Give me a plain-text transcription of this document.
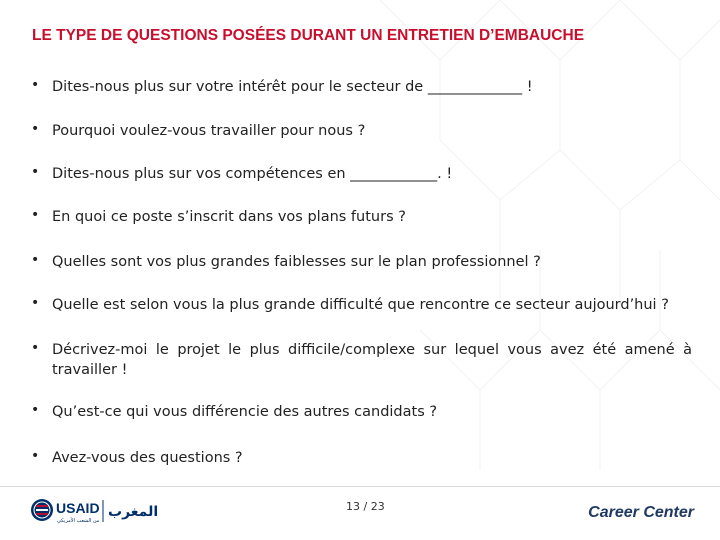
LE TYPE DE QUESTIONS POSÉES DURANT UN ENTRETIEN D’EMBAUCHE
• Dites-nous plus sur votre intérêt pour le secteur de _____________ !
• Pourquoi voulez-vous travailler pour nous ?
• Dites-nous plus sur vos compétences en ____________. !
• En quoi ce poste s’inscrit dans vos plans futurs ?
• Quelles sont vos plus grandes faiblesses sur le plan professionnel ?
• Quelle est selon vous la plus grande difficulté que rencontre ce secteur aujourd’hui ?
• Décrivez-moi le projet le plus difficile/complexe sur lequel vous avez été amené à travailler !
• Qu’est-ce qui vous différencie des autres candidats ?
• Avez-vous des questions ?
USAID
من الشعب الأمريكي
المغرب	13 / 23	Career Center
